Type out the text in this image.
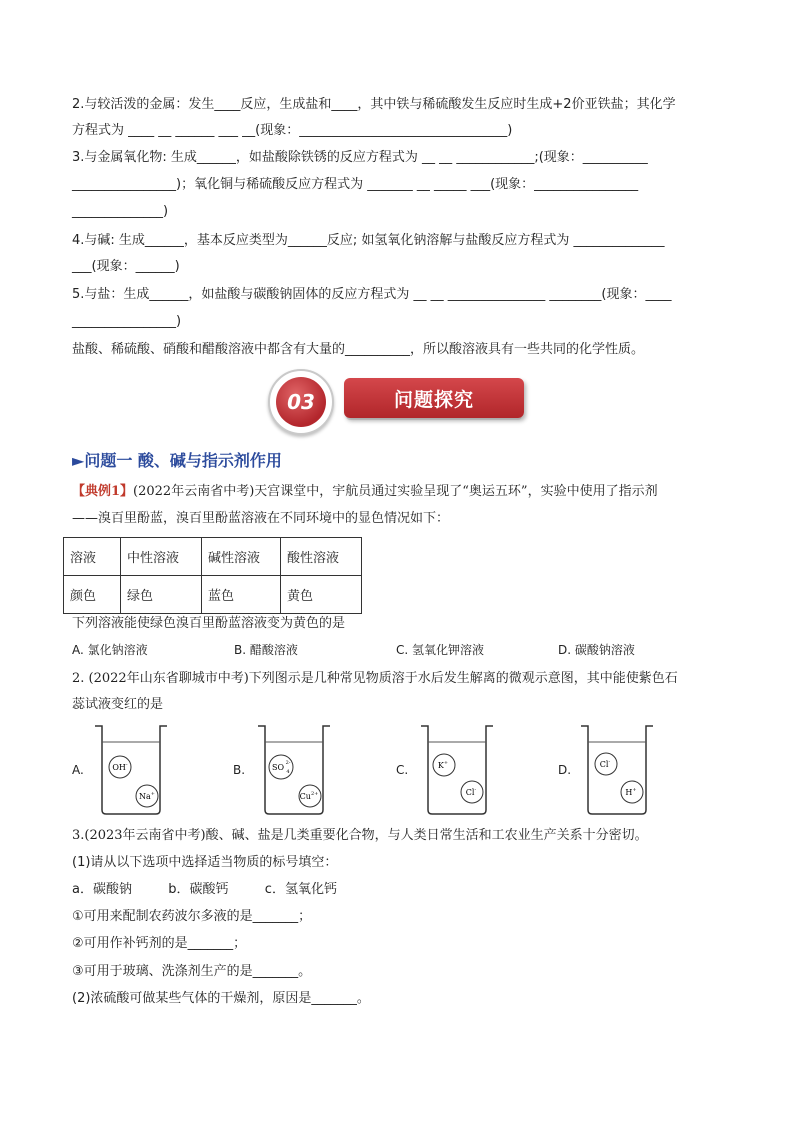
2.与较活泼的金属：发生____反应，生成盐和____，其中铁与稀硫酸发生反应时生成+2价亚铁盐；其化学
方程式为 ____ __ ______ ___ __(现象：________________________________)
3.与金属氧化物: 生成______，如盐酸除铁锈的反应方程式为 __ __ ____________;(现象：__________
________________)；氧化铜与稀硫酸反应方程式为 _______ __ _____ ___(现象：________________
______________)
4.与碱: 生成______，基本反应类型为______反应; 如氢氧化钠溶解与盐酸反应方程式为 ______________
___(现象：______)
5.与盐：生成______，如盐酸与碳酸钠固体的反应方程式为 __ __ _______________ ________(现象：____
________________)
盐酸、稀硫酸、硝酸和醋酸溶液中都含有大量的__________，所以酸溶液具有一些共同的化学性质。
03	问题探究
►问题一 酸、碱与指示剂作用
【典例1】(2022年云南省中考)天宫课堂中，宇航员通过实验呈现了“奥运五环”，实验中使用了指示剂
——溴百里酚蓝，溴百里酚蓝溶液在不同环境中的显色情况如下：
溶液	中性溶液	碱性溶液	酸性溶液
颜色	绿色	蓝色	黄色
下列溶液能使绿色溴百里酚蓝溶液变为黄色的是
A. 氯化钠溶液	B. 醋酸溶液	C. 氢氧化钾溶液	D. 碳酸钠溶液
2. (2022年山东省聊城市中考)下列图示是几种常见物质溶于水后发生解离的微观示意图，其中能使紫色石
蕊试液变红的是
A.	OH-
Na+
B.	SO 2-
4
$Cu^{2+}$
C.	K+
Cl-
D.	Cl-
H+
3.(2023年云南省中考)酸、碱、盐是几类重要化合物，与人类日常生活和工农业生产关系十分密切。
(1)请从以下选项中选择适当物质的标号填空：
a．碳酸钠	b．碳酸钙	c．氢氧化钙
①可用来配制农药波尔多液的是_______；
②可用作补钙剂的是_______；
③可用于玻璃、洗涤剂生产的是_______。
(2)浓硫酸可做某些气体的干燥剂，原因是_______。
